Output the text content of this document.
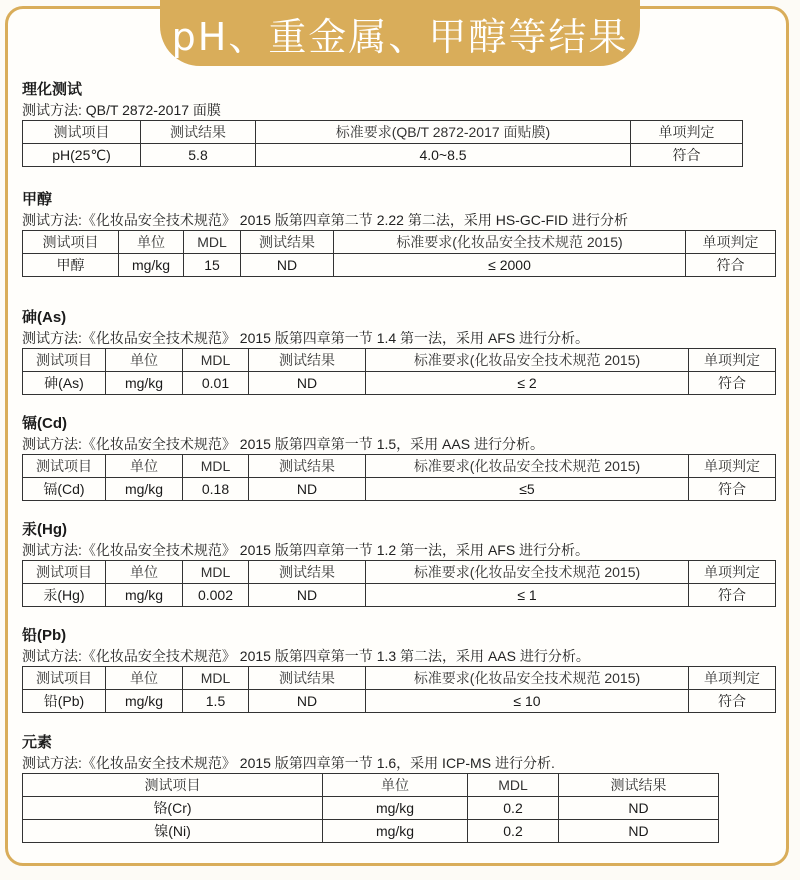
pH、重金属、甲醇等结果
理化测试
测试方法: QB/T 2872-2017 面膜
测试项目	测试结果	标准要求(QB/T 2872-2017 面贴膜)	单项判定
pH(25℃)	5.8	4.0~8.5	符合
甲醇
测试方法:《化妆品安全技术规范》 2015 版第四章第二节 2.22 第二法，采用 HS-GC-FID 进行分析
测试项目	单位	MDL	测试结果	标准要求(化妆品安全技术规范 2015)	单项判定
甲醇	mg/kg	15	ND	≤ 2000	符合
砷(As)
测试方法:《化妆品安全技术规范》 2015 版第四章第一节 1.4 第一法，采用 AFS 进行分析。
测试项目	单位	MDL	测试结果	标准要求(化妆品安全技术规范 2015)	单项判定
砷(As)	mg/kg	0.01	ND	≤ 2	符合
镉(Cd)
测试方法:《化妆品安全技术规范》 2015 版第四章第一节 1.5，采用 AAS 进行分析。
测试项目	单位	MDL	测试结果	标准要求(化妆品安全技术规范 2015)	单项判定
镉(Cd)	mg/kg	0.18	ND	≤5	符合
汞(Hg)
测试方法:《化妆品安全技术规范》 2015 版第四章第一节 1.2 第一法，采用 AFS 进行分析。
测试项目	单位	MDL	测试结果	标准要求(化妆品安全技术规范 2015)	单项判定
汞(Hg)	mg/kg	0.002	ND	≤ 1	符合
铅(Pb)
测试方法:《化妆品安全技术规范》 2015 版第四章第一节 1.3 第二法，采用 AAS 进行分析。
测试项目	单位	MDL	测试结果	标准要求(化妆品安全技术规范 2015)	单项判定
铅(Pb)	mg/kg	1.5	ND	≤ 10	符合
元素
测试方法:《化妆品安全技术规范》 2015 版第四章第一节 1.6，采用 ICP-MS 进行分析.
测试项目	单位	MDL	测试结果
铬(Cr)	mg/kg	0.2	ND
镍(Ni)	mg/kg	0.2	ND
